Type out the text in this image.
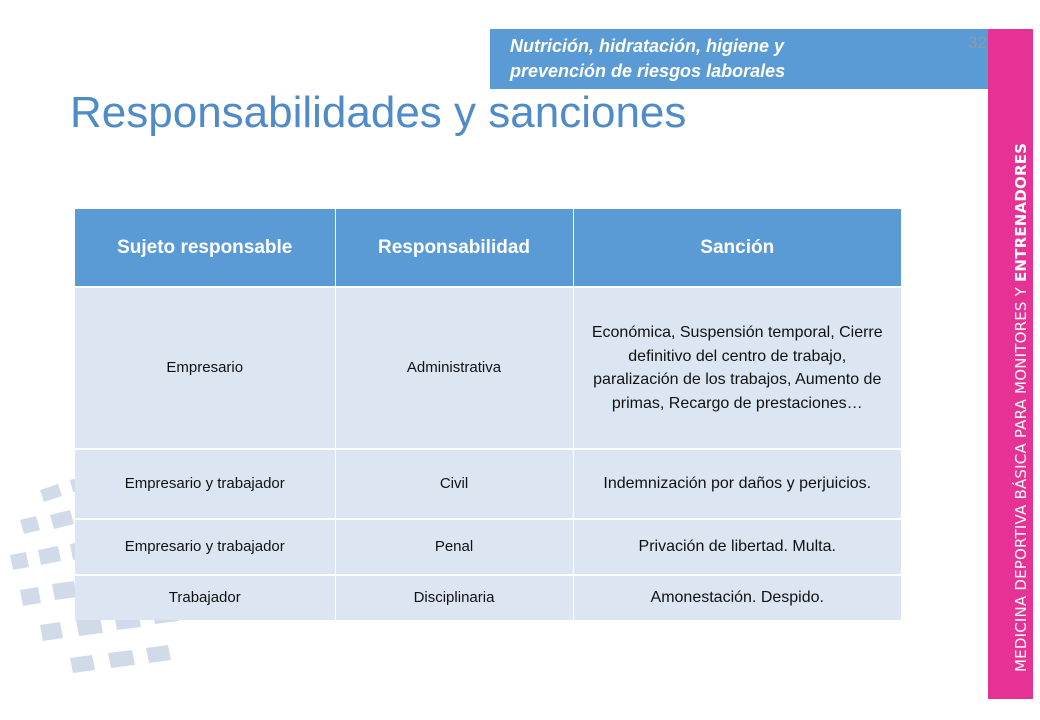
Nutrición, hidratación, higiene y
prevención de riesgos laborales
32
MEDICINA DEPORTIVA BÁSICA PARA MONITORES Y ENTRENADORES
Responsabilidades y sanciones
Sujeto responsable	Responsabilidad	Sanción
Empresario	Administrativa	Económica, Suspensión temporal, Cierre definitivo del centro de trabajo, paralización de los trabajos, Aumento de primas, Recargo de prestaciones…
Empresario y trabajador	Civil	Indemnización por daños y perjuicios.
Empresario y trabajador	Penal	Privación de libertad. Multa.
Trabajador	Disciplinaria	Amonestación. Despido.
